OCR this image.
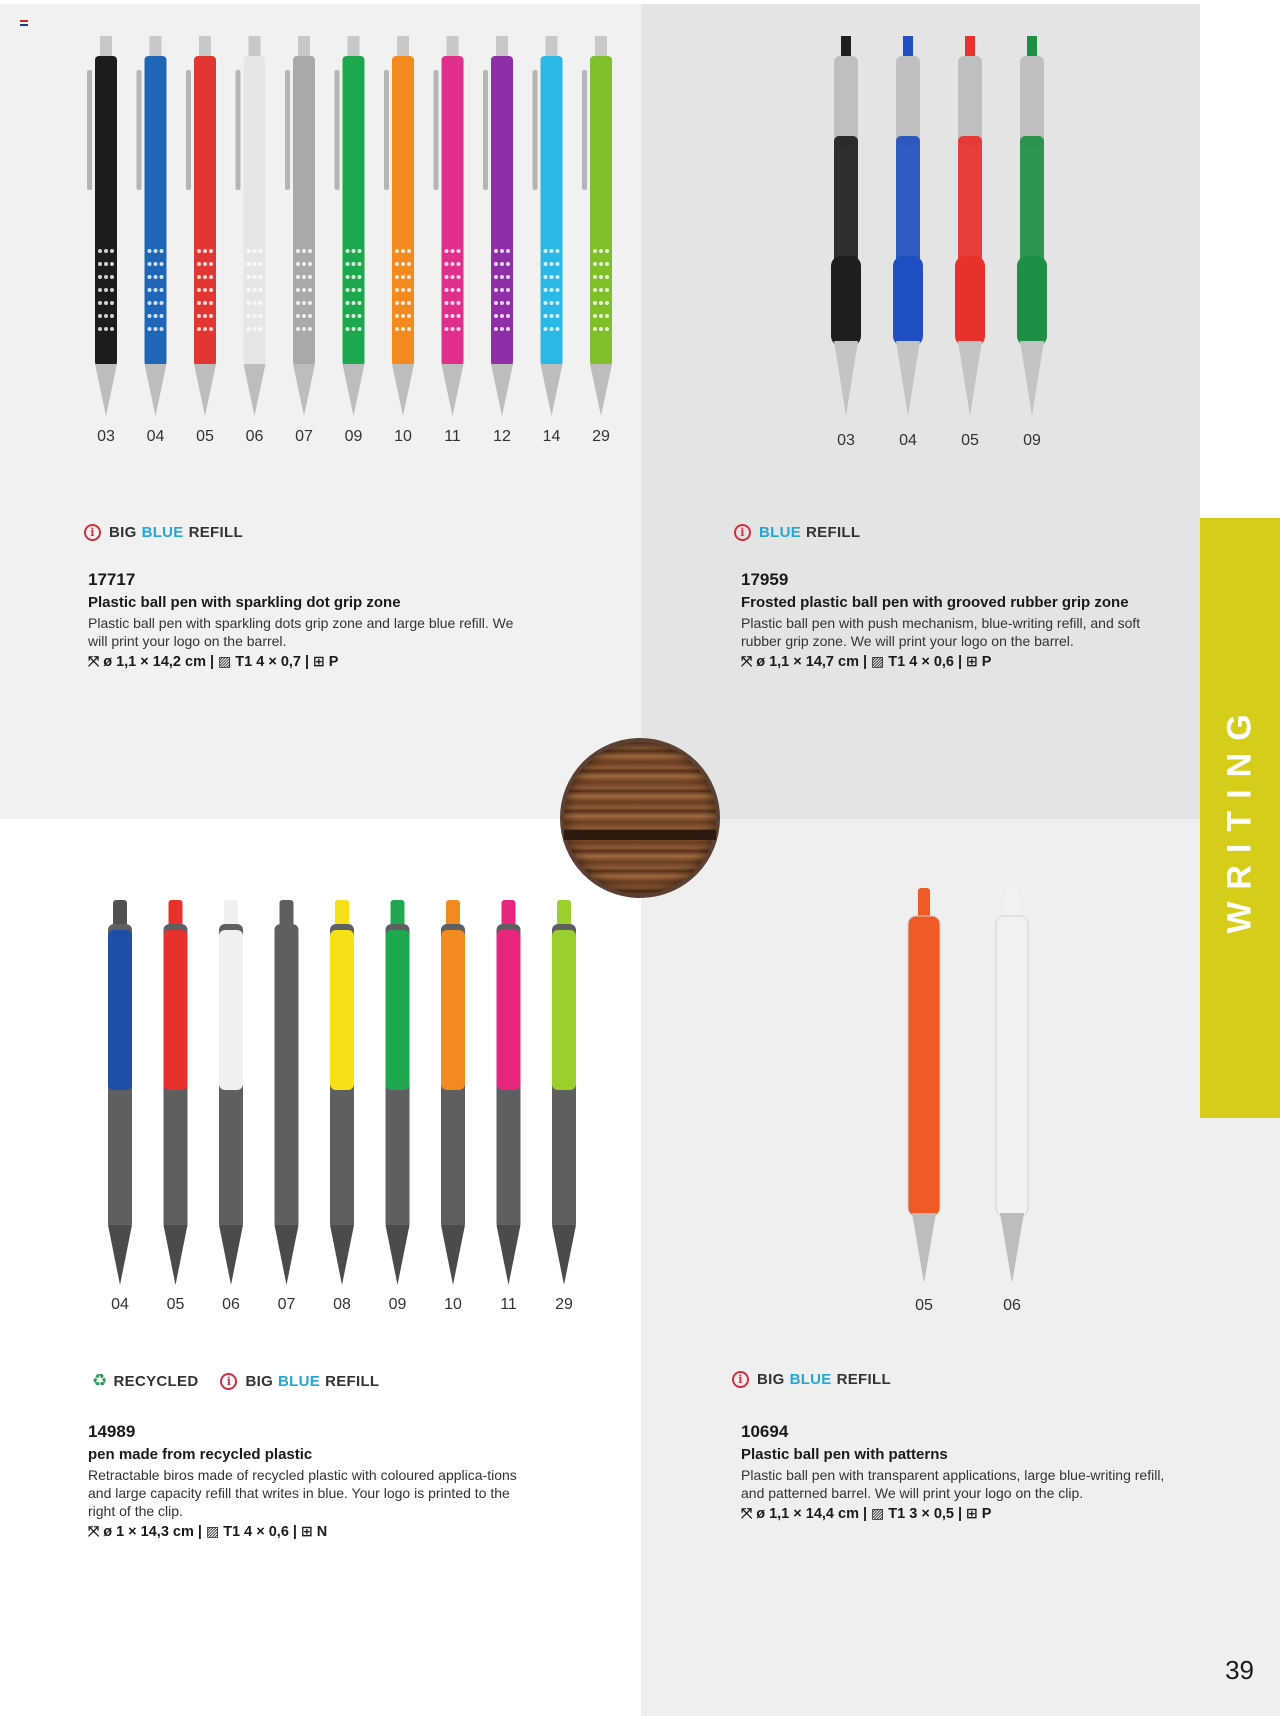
03	04	05	06	07	09	10	11	12	14	29	03	04	05	09
04	05	06	07	08	09	10	11	29	05	06
i BIG BLUE REFILL
17717
Plastic ball pen with sparkling dot grip zone
Plastic ball pen with sparkling dots grip zone and large blue refill. We will print your logo on the barrel.
⤧ ø 1,1 × 14,2 cm | ▨ T1 4 × 0,7 | ⊞ P
i BLUE REFILL
17959
Frosted plastic ball pen with grooved rubber grip zone
Plastic ball pen with push mechanism, blue-writing refill, and soft rubber grip zone. We will print your logo on the barrel.
⤧ ø 1,1 × 14,7 cm | ▨ T1 4 × 0,6 | ⊞ P
♻ RECYCLED	i BIG BLUE REFILL
14989
pen made from recycled plastic
Retractable biros made of recycled plastic with coloured applica-tions and large capacity refill that writes in blue. Your logo is printed to the right of the clip.
⤧ ø 1 × 14,3 cm | ▨ T1 4 × 0,6 | ⊞ N
i BIG BLUE REFILL
10694
Plastic ball pen with patterns
Plastic ball pen with transparent applications, large blue-writing refill, and patterned barrel. We will print your logo on the clip.
⤧ ø 1,1 × 14,4 cm | ▨ T1 3 × 0,5 | ⊞ P
WRITING
39
